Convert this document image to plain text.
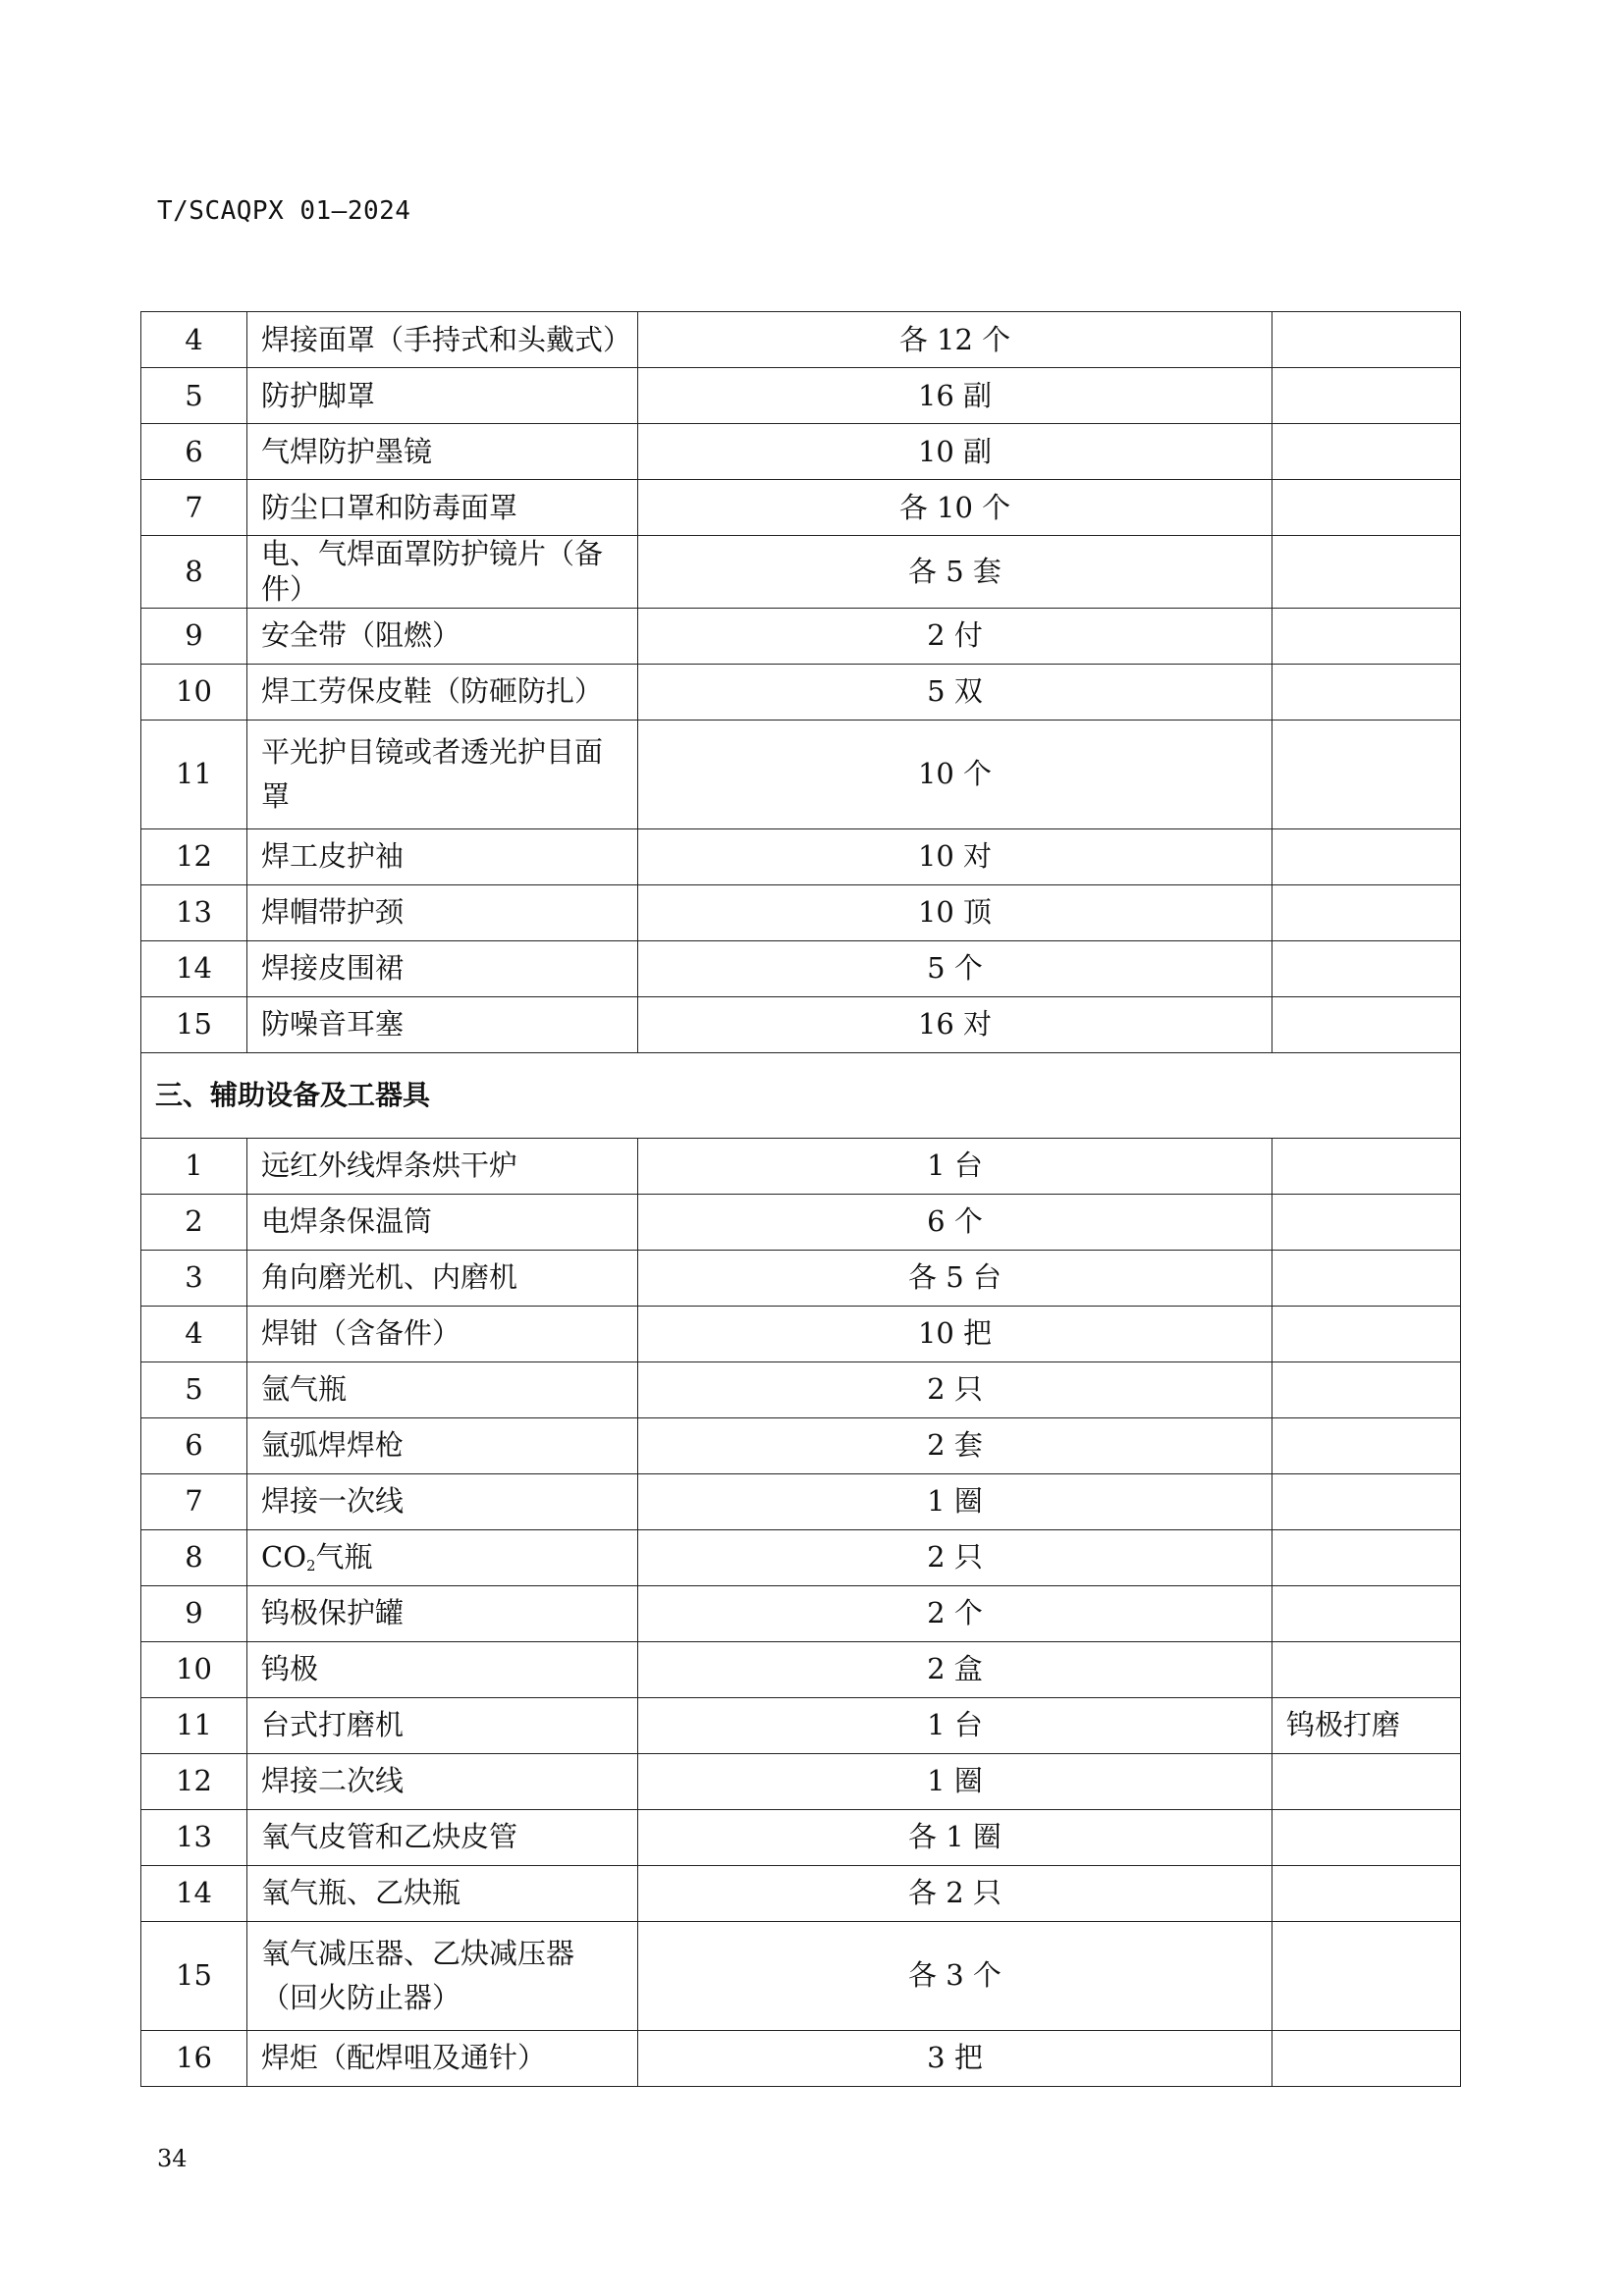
T/SCAQPX 01—2024
4	焊接面罩（手持式和头戴式）	各 12 个	
5	防护脚罩	16 副	
6	气焊防护墨镜	10 副	
7	防尘口罩和防毒面罩	各 10 个	
8	电、气焊面罩防护镜片（备件）	各 5 套	
9	安全带（阻燃）	2 付	
10	焊工劳保皮鞋（防砸防扎）	5 双	
11	平光护目镜或者透光护目面罩	10 个	
12	焊工皮护袖	10 对	
13	焊帽带护颈	10 顶	
14	焊接皮围裙	5 个	
15	防噪音耳塞	16 对	
三、辅助设备及工器具			
1	远红外线焊条烘干炉	1 台	
2	电焊条保温筒	6 个	
3	角向磨光机、内磨机	各 5 台	
4	焊钳（含备件）	10 把	
5	氩气瓶	2 只	
6	氩弧焊焊枪	2 套	
7	焊接一次线	1 圈	
8	$CO_2$气瓶	2 只	
9	钨极保护罐	2 个	
10	钨极	2 盒	
11	台式打磨机	1 台	钨极打磨
12	焊接二次线	1 圈	
13	氧气皮管和乙炔皮管	各 1 圈	
14	氧气瓶、乙炔瓶	各 2 只	
15	氧气减压器、乙炔减压器（回火防止器）	各 3 个	
16	焊炬（配焊咀及通针）	3 把	
34
